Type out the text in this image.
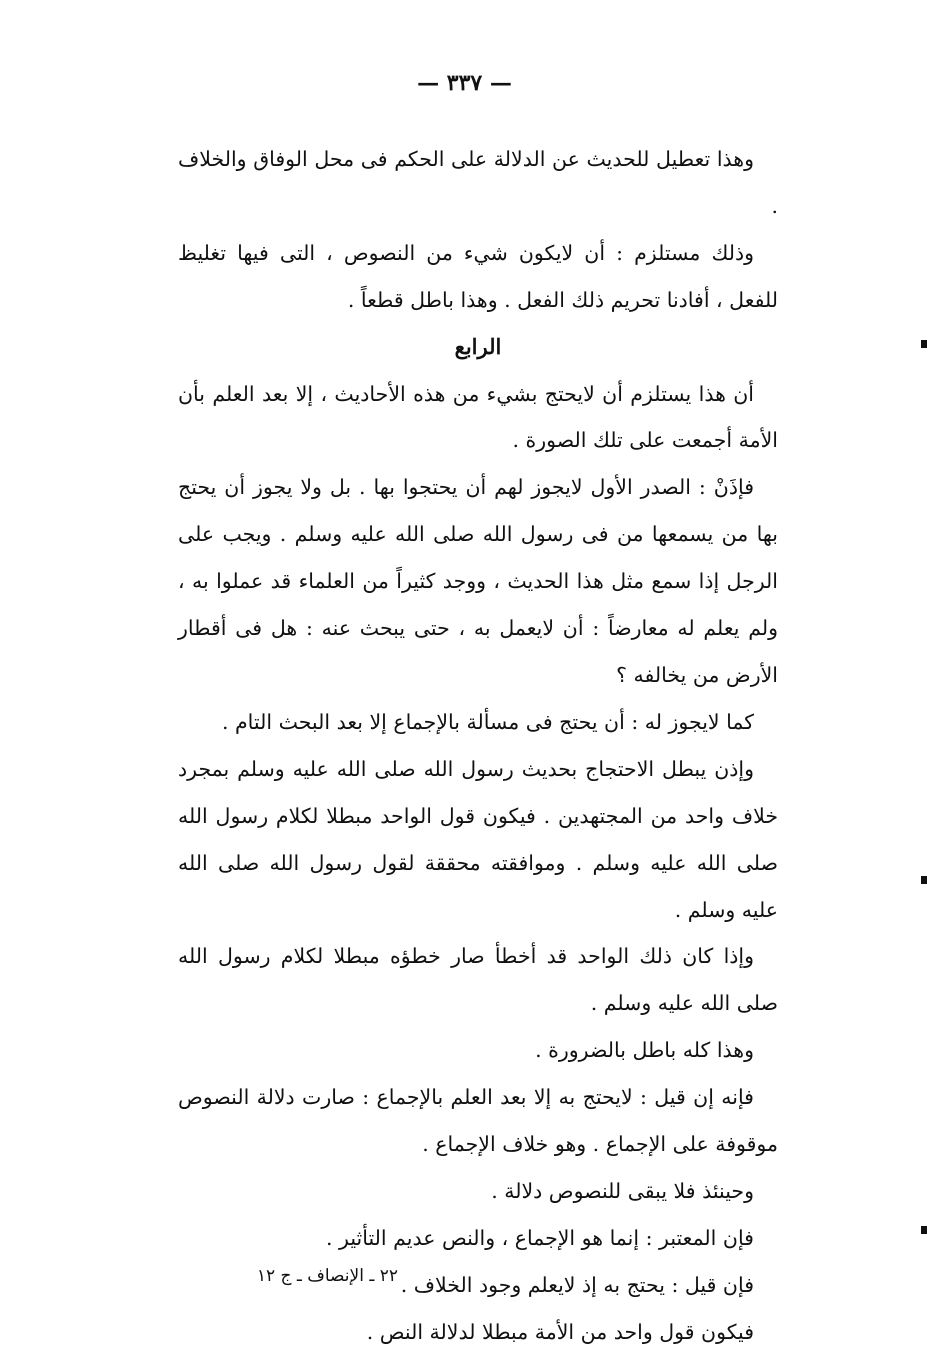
— ٣٣٧ —

وهذا تعطيل للحديث عن الدلالة على الحكم فى محل الوفاق والخلاف .

وذلك مستلزم : أن لايكون شيء من النصوص ، التى فيها تغليظ للفعل ، أفادنا تحريم ذلك الفعل . وهذا باطل قطعاً .

الرابع

أن هذا يستلزم أن لايحتج بشيء من هذه الأحاديث ، إلا بعد العلم بأن الأمة أجمعت على تلك الصورة .

فإذَنْ : الصدر الأول لايجوز لهم أن يحتجوا بها . بل ولا يجوز أن يحتج بها من يسمعها من فى رسول الله صلى الله عليه وسلم . ويجب على الرجل إذا سمع مثل هذا الحديث ، ووجد كثيراً من العلماء قد عملوا به ، ولم يعلم له معارضاً : أن لايعمل به ، حتى يبحث عنه : هل فى أقطار الأرض من يخالفه ؟

كما لايجوز له : أن يحتج فى مسألة بالإجماع إلا بعد البحث التام .

وإذن يبطل الاحتجاج بحديث رسول الله صلى الله عليه وسلم بمجرد خلاف واحد من المجتهدين . فيكون قول الواحد مبطلا لكلام رسول الله صلى الله عليه وسلم . وموافقته محققة لقول رسول الله صلى الله عليه وسلم .

وإذا كان ذلك الواحد قد أخطأ صار خطؤه مبطلا لكلام رسول الله صلى الله عليه وسلم .

وهذا كله باطل بالضرورة .

فإنه إن قيل : لايحتج به إلا بعد العلم بالإجماع : صارت دلالة النصوص موقوفة على الإجماع . وهو خلاف الإجماع .

وحينئذ فلا يبقى للنصوص دلالة .

فإن المعتبر : إنما هو الإجماع ، والنص عديم التأثير .

فإن قيل : يحتج به إذ لايعلم وجود الخلاف .

فيكون قول واحد من الأمة مبطلا لدلالة النص .

٢٢ ـ الإنصاف ـ ج ١٢
